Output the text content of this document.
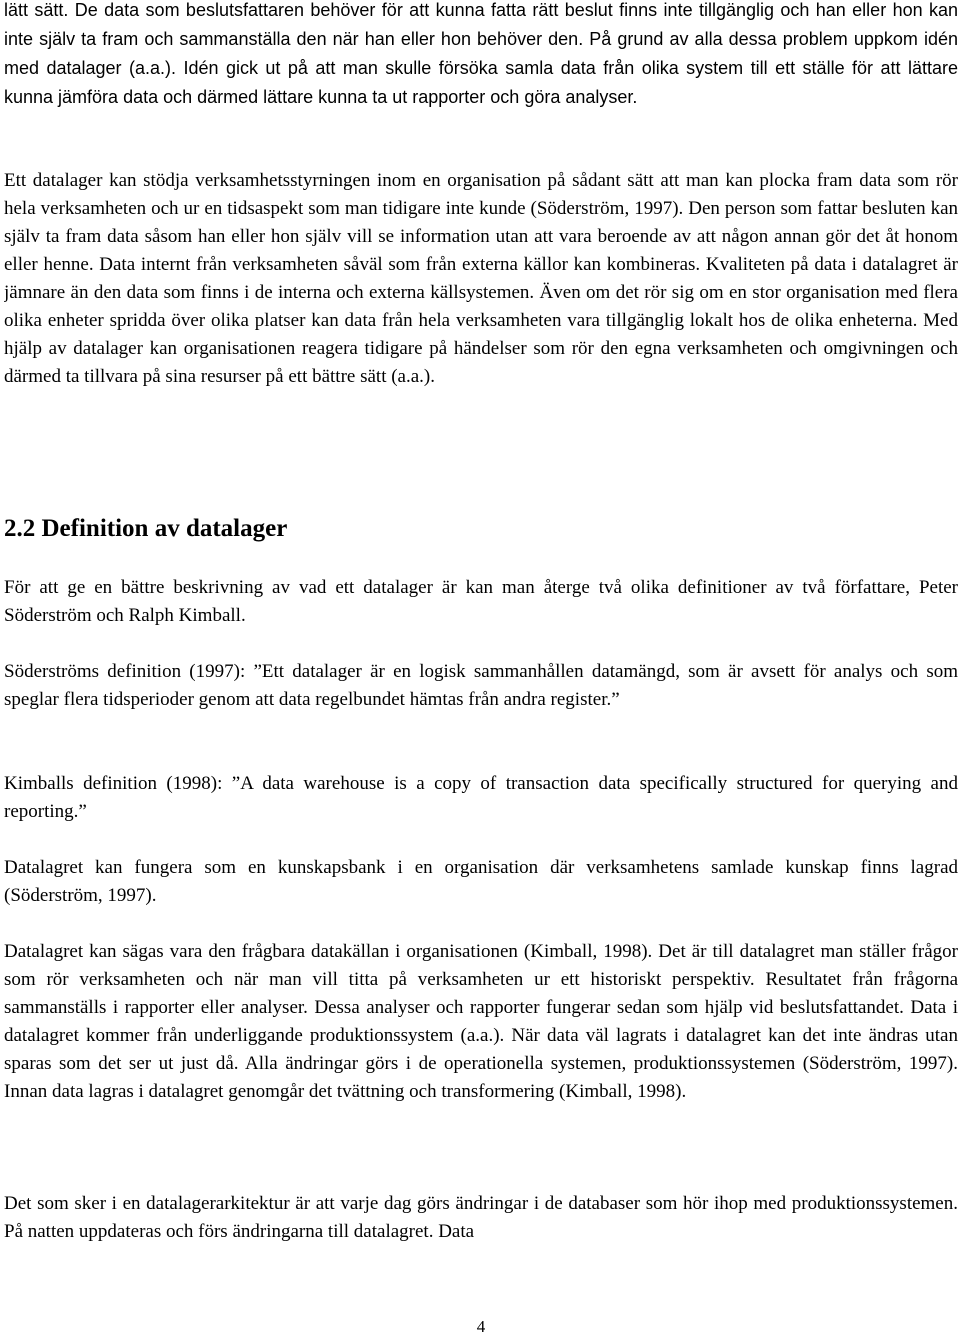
lätt sätt. De data som beslutsfattaren behöver för att kunna fatta rätt beslut finns inte tillgänglig och han eller hon kan inte själv ta fram och sammanställa den när han eller hon behöver den. På grund av alla dessa problem uppkom idén med datalager (a.a.). Idén gick ut på att man skulle försöka samla data från olika system till ett ställe för att lättare kunna jämföra data och därmed lättare kunna ta ut rapporter och göra analyser.

Ett datalager kan stödja verksamhetsstyrningen inom en organisation på sådant sätt att man kan plocka fram data som rör hela verksamheten och ur en tidsaspekt som man tidigare inte kunde (Söderström, 1997). Den person som fattar besluten kan själv ta fram data såsom han eller hon själv vill se information utan att vara beroende av att någon annan gör det åt honom eller henne. Data internt från verksamheten såväl som från externa källor kan kombineras. Kvaliteten på data i datalagret är jämnare än den data som finns i de interna och externa källsystemen. Även om det rör sig om en stor organisation med flera olika enheter spridda över olika platser kan data från hela verksamheten vara tillgänglig lokalt hos de olika enheterna. Med hjälp av datalager kan organisationen reagera tidigare på händelser som rör den egna verksamheten och omgivningen och därmed ta tillvara på sina resurser på ett bättre sätt (a.a.).

2.2 Definition av datalager

För att ge en bättre beskrivning av vad ett datalager är kan man återge två olika definitioner av två författare, Peter Söderström och Ralph Kimball.

Söderströms definition (1997): ”Ett datalager är en logisk sammanhållen datamängd, som är avsett för analys och som speglar flera tidsperioder genom att data regelbundet hämtas från andra register.”

Kimballs definition (1998): ”A data warehouse is a copy of transaction data specifically structured for querying and reporting.”

Datalagret kan fungera som en kunskapsbank i en organisation där verksamhetens samlade kunskap finns lagrad (Söderström, 1997).

Datalagret kan sägas vara den frågbara datakällan i organisationen (Kimball, 1998). Det är till datalagret man ställer frågor som rör verksamheten och när man vill titta på verksamheten ur ett historiskt perspektiv. Resultatet från frågorna sammanställs i rapporter eller analyser. Dessa analyser och rapporter fungerar sedan som hjälp vid beslutsfattandet. Data i datalagret kommer från underliggande produktionssystem (a.a.). När data väl lagrats i datalagret kan det inte ändras utan sparas som det ser ut just då. Alla ändringar görs i de operationella systemen, produktionssystemen (Söderström, 1997). Innan data lagras i datalagret genomgår det tvättning och transformering (Kimball, 1998).

Det som sker i en datalagerarkitektur är att varje dag görs ändringar i de databaser som hör ihop med produktionssystemen. På natten uppdateras och förs ändringarna till datalagret. Data

4
